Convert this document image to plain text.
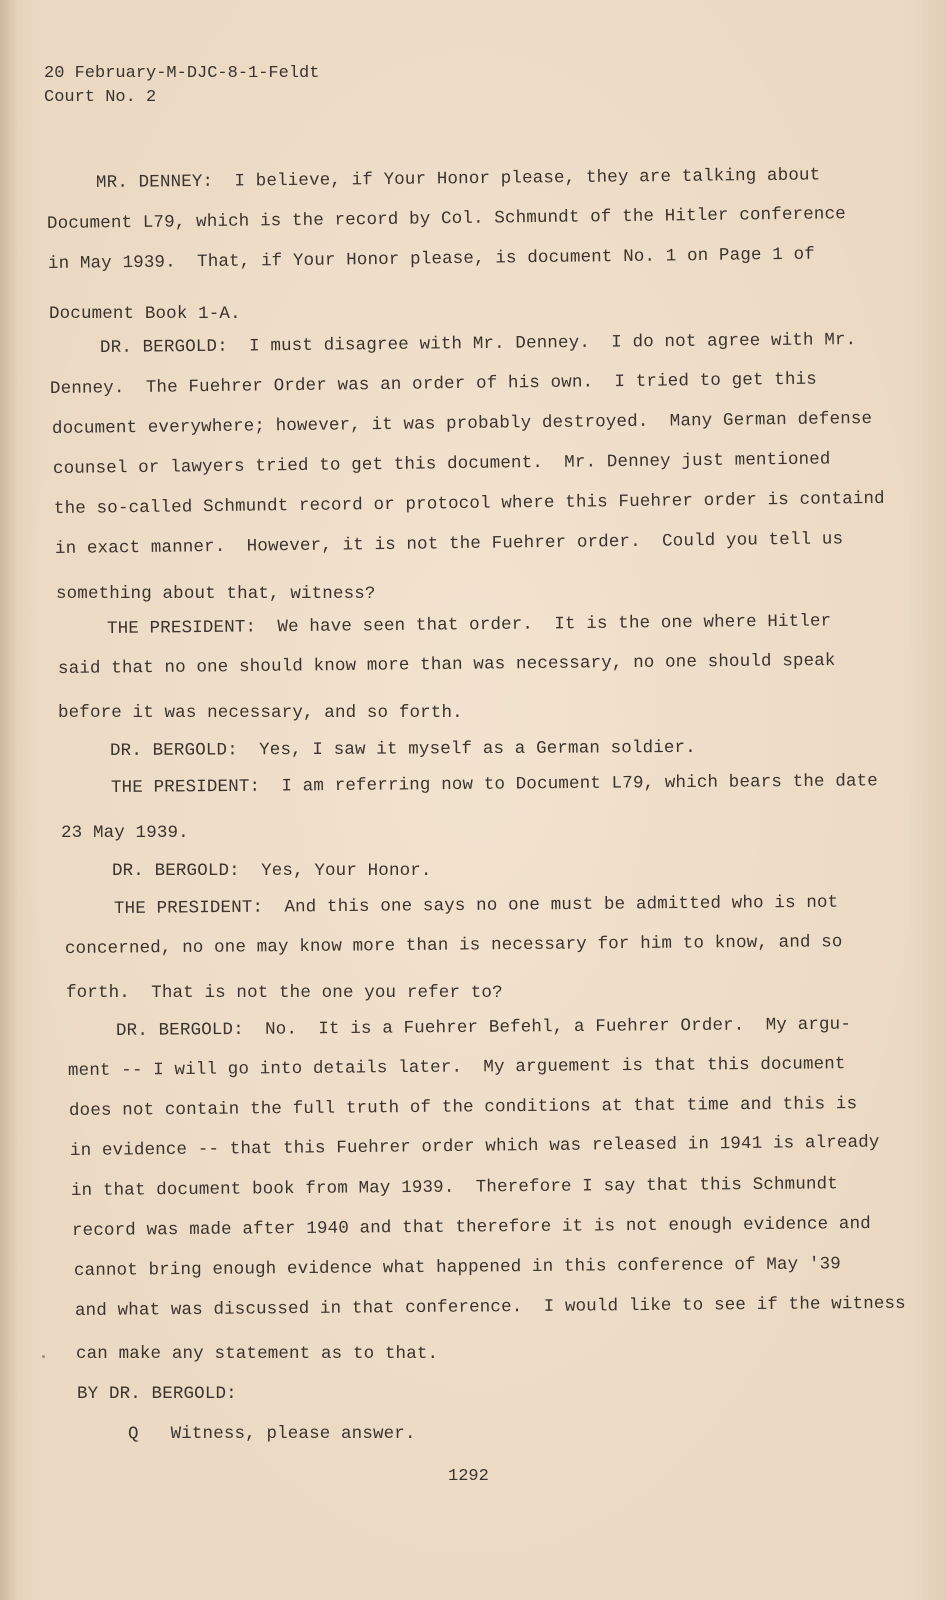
20 February-M-DJC-8-1-Feldt
Court No. 2
MR. DENNEY:  I believe, if Your Honor please, they are talking about
Document L79, which is the record by Col. Schmundt of the Hitler conference
in May 1939.  That, if Your Honor please, is document No. 1 on Page 1 of
Document Book 1-A.
DR. BERGOLD:  I must disagree with Mr. Denney.  I do not agree with Mr.
Denney.  The Fuehrer Order was an order of his own.  I tried to get this
document everywhere; however, it was probably destroyed.  Many German defense
counsel or lawyers tried to get this document.  Mr. Denney just mentioned
the so-called Schmundt record or protocol where this Fuehrer order is containd
in exact manner.  However, it is not the Fuehrer order.  Could you tell us
something about that, witness?
THE PRESIDENT:  We have seen that order.  It is the one where Hitler
said that no one should know more than was necessary, no one should speak
before it was necessary, and so forth.
DR. BERGOLD:  Yes, I saw it myself as a German soldier.
THE PRESIDENT:  I am referring now to Document L79, which bears the date
23 May 1939.
DR. BERGOLD:  Yes, Your Honor.
THE PRESIDENT:  And this one says no one must be admitted who is not
concerned, no one may know more than is necessary for him to know, and so
forth.  That is not the one you refer to?
DR. BERGOLD:  No.  It is a Fuehrer Befehl, a Fuehrer Order.  My argu-
ment -- I will go into details later.  My arguement is that this document
does not contain the full truth of the conditions at that time and this is
in evidence -- that this Fuehrer order which was released in 1941 is already
in that document book from May 1939.  Therefore I say that this Schmundt
record was made after 1940 and that therefore it is not enough evidence and
cannot bring enough evidence what happened in this conference of May '39
and what was discussed in that conference.  I would like to see if the witness
can make any statement as to that.
BY DR. BERGOLD:
Q   Witness, please answer.
1292
